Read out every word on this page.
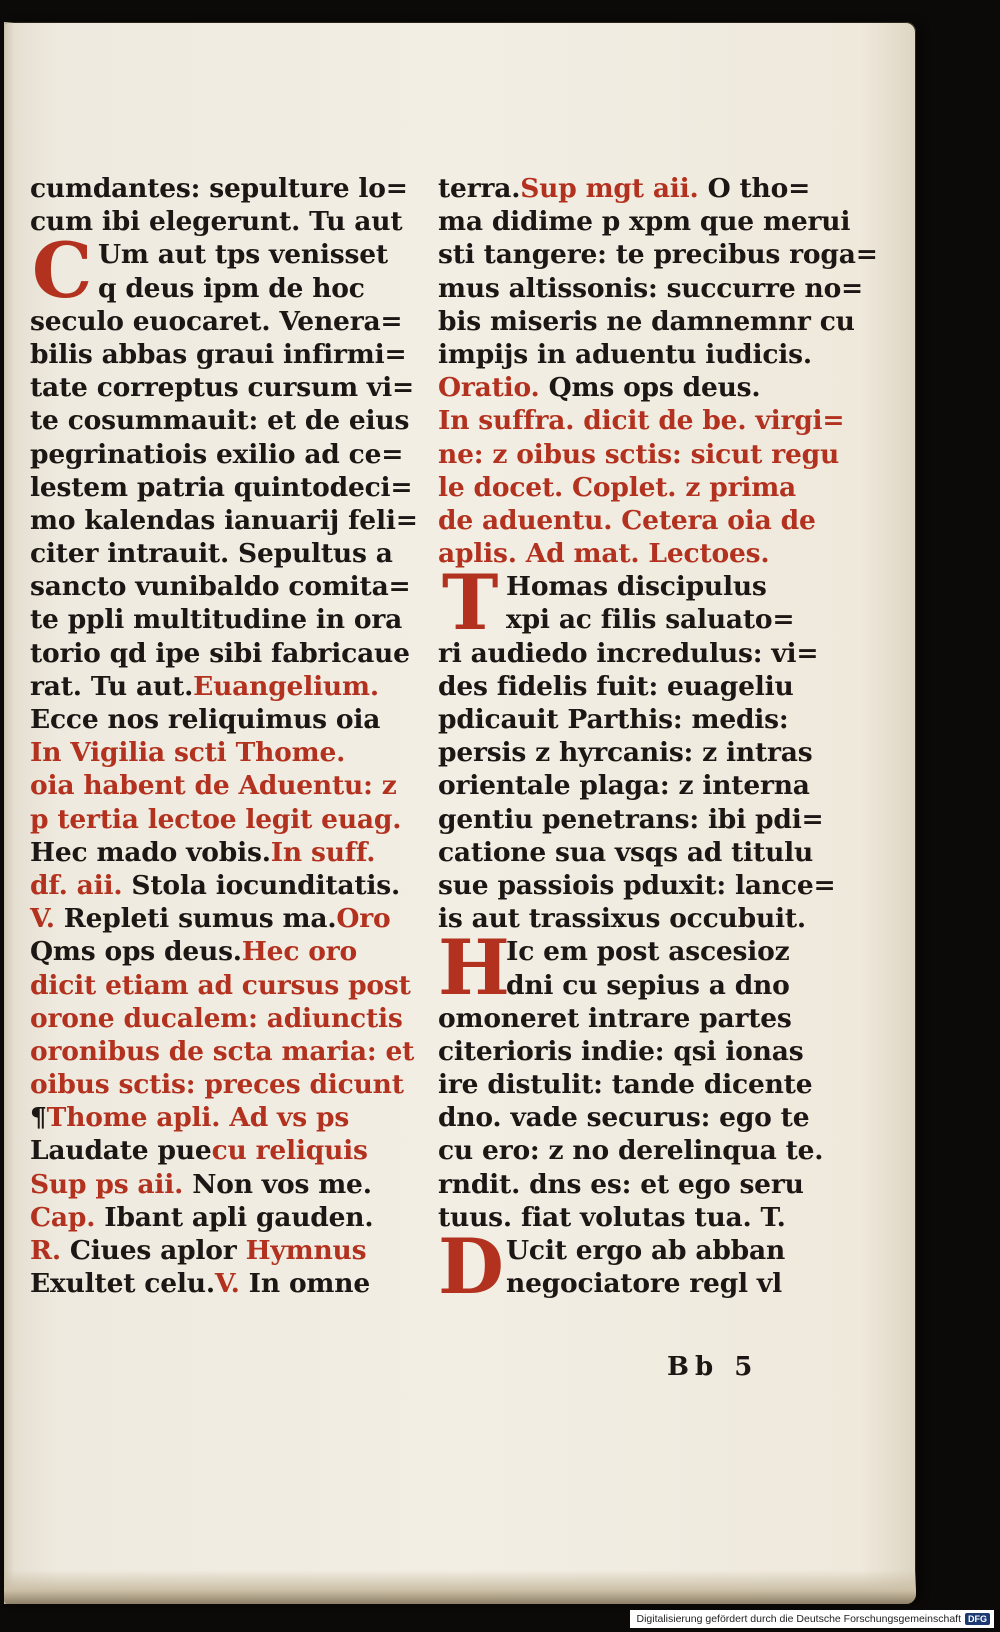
cumdantes: sepulture lo=
cum ibi elegerunt. Tu aut
C Um aut tps venisset
q deus ipm de hoc
seculo euocaret. Venera=
bilis abbas graui infirmi=
tate correptus cursum vi=
te cosummauit: et de eius
pegrinatiois exilio ad ce=
lestem patria quintodeci=
mo kalendas ianuarij feli=
citer intrauit. Sepultus a
sancto vunibaldo comita=
te ppli multitudine in ora
torio qd ipe sibi fabricaue
rat. Tu aut.Euangelium.
Ecce nos reliquimus oia
In Vigilia scti Thome.
oia habent de Aduentu: z
p tertia lectoe legit euag.
Hec mado vobis.In suff.
df. aii. Stola iocunditatis.
V. Repleti sumus ma.Oro
Qms ops deus.Hec oro
dicit etiam ad cursus post
orone ducalem: adiunctis
oronibus de scta maria: et
oibus sctis: preces dicunt
¶Thome apli. Ad vs ps
Laudate puecu reliquis
Sup ps aii. Non vos me.
Cap. Ibant apli gauden.
R. Ciues aplor Hymnus
Exultet celu.V. In omne
terra.Sup mgt aii. O tho=
ma didime p xpm que merui
sti tangere: te precibus roga=
mus altissonis: succurre no=
bis miseris ne damnemnr cu
impijs in aduentu iudicis.
Oratio. Qms ops deus.
In suffra. dicit de be. virgi=
ne: z oibus sctis: sicut regu
le docet. Coplet. z prima
de aduentu. Cetera oia de
aplis. Ad mat. Lectoes.
T Homas discipulus
xpi ac filis saluato=
ri audiedo incredulus: vi=
des fidelis fuit: euageliu
pdicauit Parthis: medis:
persis z hyrcanis: z intras
orientale plaga: z interna
gentiu penetrans: ibi pdi=
catione sua vsqs ad titulu
sue passiois pduxit: lance=
is aut trassixus occubuit.
H
Ic em post ascesioz
dni cu sepius a dno
omoneret intrare partes
citerioris indie: qsi ionas
ire distulit: tande dicente
dno. vade securus: ego te
cu ero: z no derelinqua te.
rndit. dns es: et ego seru
tuus. fiat volutas tua. T.
D Ucit ergo ab abban
negociatore regl vl
Bb 5
Digitalisierung gefördert durch die Deutsche Forschungsgemeinschaft DFG
